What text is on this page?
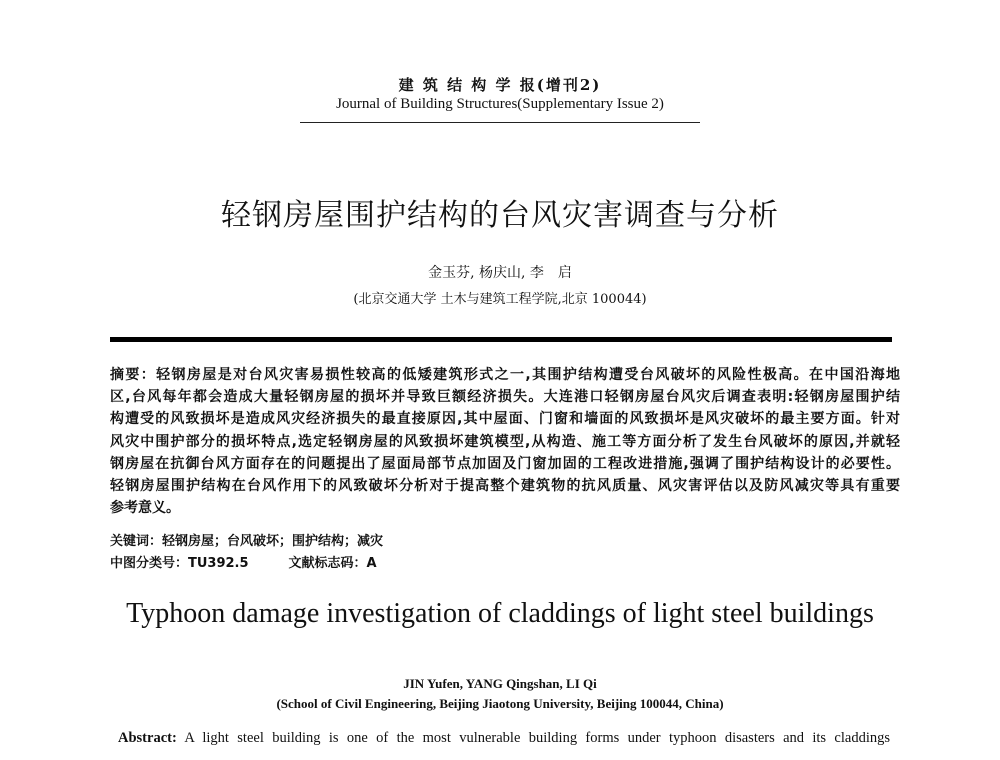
建 筑 结 构 学 报(增刊2)
Journal of Building Structures(Supplementary Issue 2)
轻钢房屋围护结构的台风灾害调查与分析
金玉芬, 杨庆山, 李　启
(北京交通大学 土木与建筑工程学院,北京 100044)
摘要：轻钢房屋是对台风灾害易损性较高的低矮建筑形式之一,其围护结构遭受台风破坏的风险性极高。在中国沿海地
区,台风每年都会造成大量轻钢房屋的损坏并导致巨额经济损失。大连港口轻钢房屋台风灾后调查表明:轻钢房屋围护结
构遭受的风致损坏是造成风灾经济损失的最直接原因,其中屋面、门窗和墙面的风致损坏是风灾破坏的最主要方面。针对
风灾中围护部分的损坏特点,选定轻钢房屋的风致损坏建筑模型,从构造、施工等方面分析了发生台风破坏的原因,并就轻
钢房屋在抗御台风方面存在的问题提出了屋面局部节点加固及门窗加固的工程改进措施,强调了围护结构设计的必要性。
轻钢房屋围护结构在台风作用下的风致破坏分析对于提高整个建筑物的抗风质量、风灾害评估以及防风减灾等具有重要
参考意义。
关键词：轻钢房屋；台风破坏；围护结构；减灾
中图分类号：TU392.5	文献标志码：A
Typhoon damage investigation of claddings of light steel buildings
JIN Yufen, YANG Qingshan, LI Qi
(School of Civil Engineering, Beijing Jiaotong University, Beijing 100044, China)
Abstract: A light steel building is one of the most vulnerable building forms under typhoon disasters and its claddings
